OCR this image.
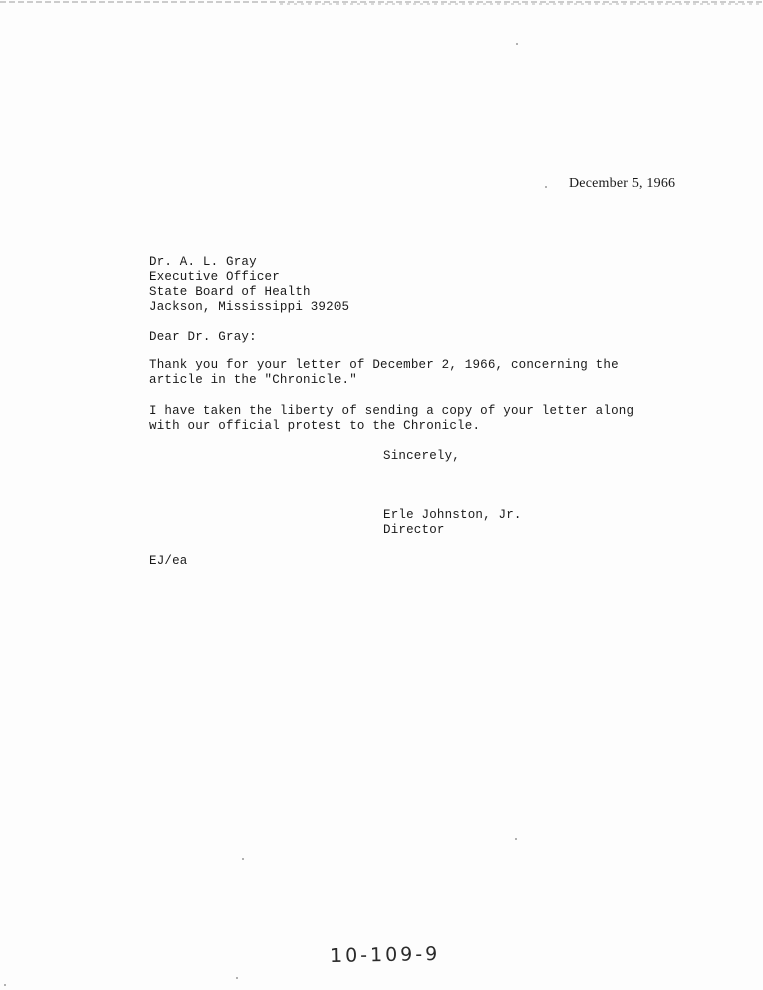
December 5, 1966
Dr. A. L. Gray
Executive Officer
State Board of Health
Jackson, Mississippi 39205
Dear Dr. Gray:
Thank you for your letter of December 2, 1966, concerning the
article in the "Chronicle."
I have taken the liberty of sending a copy of your letter along
with our official protest to the Chronicle.
Sincerely,
Erle Johnston, Jr.
Director
EJ/ea
10-109-9
